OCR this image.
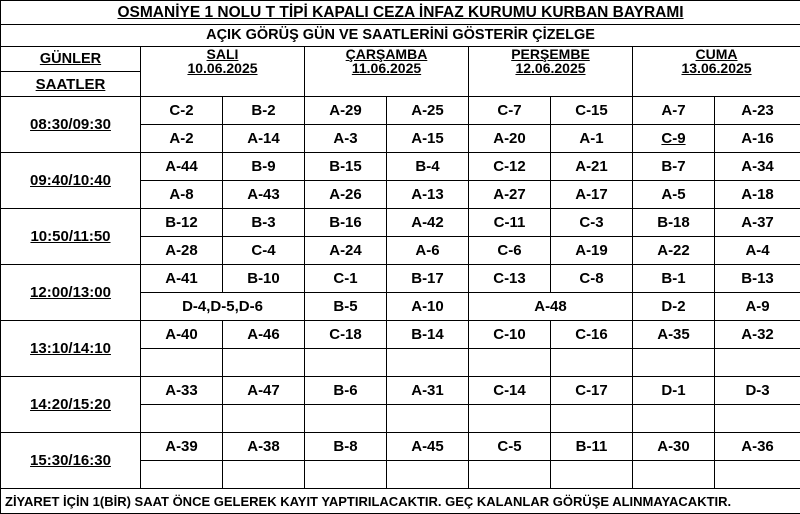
OSMANİYE 1 NOLU T TİPİ KAPALI CEZA İNFAZ KURUMU KURBAN BAYRAMI								
AÇIK GÖRÜŞ GÜN VE SAATLERİNİ GÖSTERİR ÇİZELGE								
GÜNLER	SALI
10.06.2025		ÇARŞAMBA
11.06.2025		PERŞEMBE
12.06.2025		CUMA
13.06.2025	

SAATLER								
08:30/09:30	C-2	B-2	A-29	A-25	C-7	C-15	A-7	A-23
	A-2	A-14	A-3	A-15	A-20	A-1	C-9	A-16
09:40/10:40	A-44	B-9	B-15	B-4	C-12	A-21	B-7	A-34
	A-8	A-43	A-26	A-13	A-27	A-17	A-5	A-18
10:50/11:50	B-12	B-3	B-16	A-42	C-11	C-3	B-18	A-37
	A-28	C-4	A-24	A-6	C-6	A-19	A-22	A-4
12:00/13:00	A-41	B-10	C-1	B-17	C-13	C-8	B-1	B-13
	D-4,D-5,D-6		B-5	A-10	A-48		D-2	A-9
13:10/14:10	A-40	A-46	C-18	B-14	C-10	C-16	A-35	A-32

14:20/15:20	A-33	A-47	B-6	A-31	C-14	C-17	D-1	D-3

15:30/16:30	A-39	A-38	B-8	A-45	C-5	B-11	A-30	A-36

ZİYARET İÇİN 1(BİR) SAAT ÖNCE GELEREK KAYIT YAPTIRILACAKTIR. GEÇ KALANLAR GÖRÜŞE ALINMAYACAKTIR.								
